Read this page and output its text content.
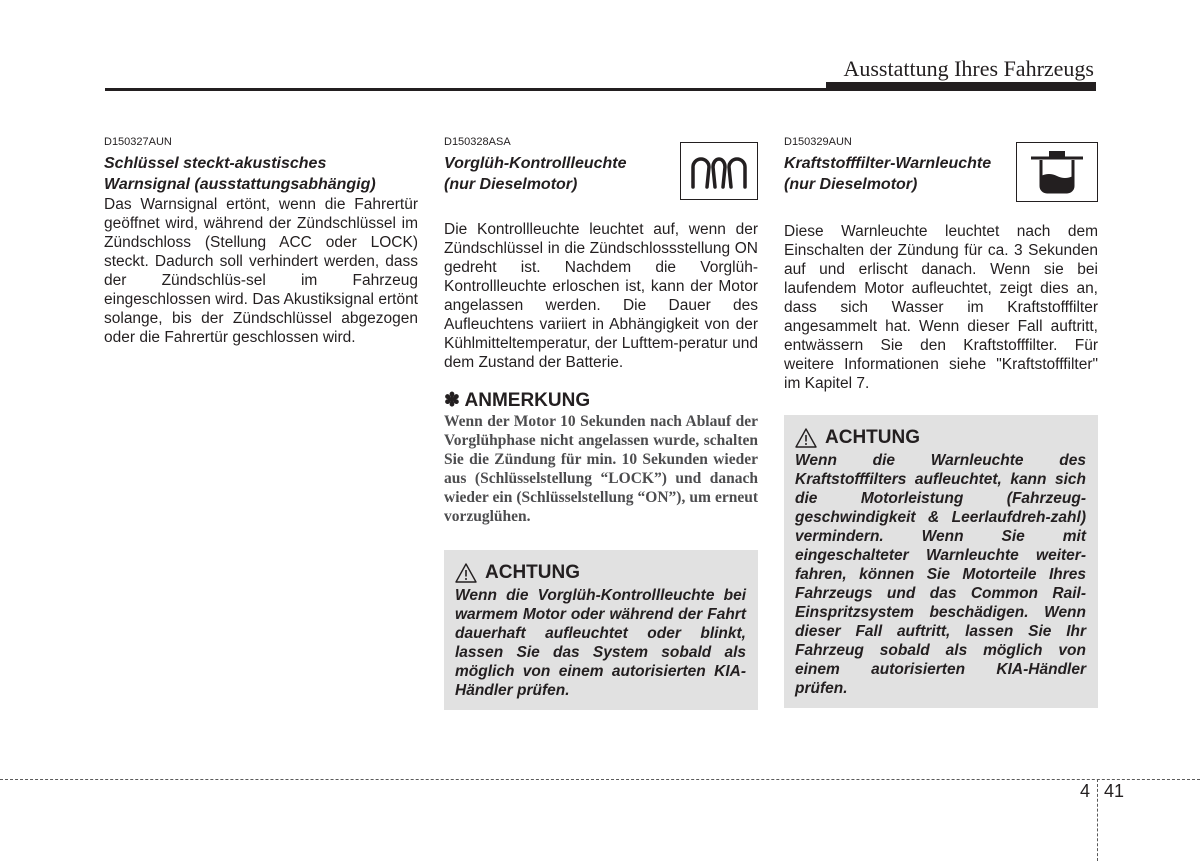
Ausstattung Ihres Fahrzeugs

D150327AUN

Schlüssel steckt-akustisches

Warnsignal (ausstattungsabhängig)

Das Warnsignal ertönt, wenn die Fahrertür geöffnet wird, während der Zündschlüssel im Zündschloss (Stellung ACC oder LOCK) steckt. Dadurch soll verhindert werden, dass der Zündschlüs-sel im Fahrzeug eingeschlossen wird. Das Akustiksignal ertönt solange, bis der Zündschlüssel abgezogen oder die Fahrertür geschlossen wird.

D150328ASA

Vorglüh-Kontrollleuchte

(nur Dieselmotor)

Die Kontrollleuchte leuchtet auf, wenn der Zündschlüssel in die Zündschlossstellung ON gedreht ist. Nachdem die Vorglüh-Kontrollleuchte erloschen ist, kann der Motor angelassen werden. Die Dauer des Aufleuchtens variiert in Abhängigkeit von der Kühlmitteltemperatur, der Lufttem-peratur und dem Zustand der Batterie.

✽ ANMERKUNG

Wenn der Motor 10 Sekunden nach Ablauf der Vorglühphase nicht angelassen wurde, schalten Sie die Zündung für min. 10 Sekunden wieder aus (Schlüsselstellung “LOCK”) und danach wieder ein (Schlüsselstellung “ON”), um erneut vorzuglühen.

ACHTUNG

Wenn die Vorglüh-Kontrollleuchte bei warmem Motor oder während der Fahrt dauerhaft aufleuchtet oder blinkt, lassen Sie das System sobald als möglich von einem autorisierten KIA-Händler prüfen.

D150329AUN

Kraftstofffilter-Warnleuchte

(nur Dieselmotor)

Diese Warnleuchte leuchtet nach dem Einschalten der Zündung für ca. 3 Sekunden auf und erlischt danach. Wenn sie bei laufendem Motor aufleuchtet, zeigt dies an, dass sich Wasser im Kraftstofffilter angesammelt hat. Wenn dieser Fall auftritt, entwässern Sie den Kraftstofffilter. Für weitere Informationen siehe "Kraftstofffilter" im Kapitel 7.

ACHTUNG

Wenn die Warnleuchte des Kraftstofffilters aufleuchtet, kann sich die Motorleistung (Fahrzeug-geschwindigkeit & Leerlaufdreh-zahl) vermindern. Wenn Sie mit eingeschalteter Warnleuchte weiter-fahren, können Sie Motorteile Ihres Fahrzeugs und das Common Rail-Einspritzsystem beschädigen. Wenn dieser Fall auftritt, lassen Sie Ihr Fahrzeug sobald als möglich von einem autorisierten KIA-Händler prüfen.

4 41
